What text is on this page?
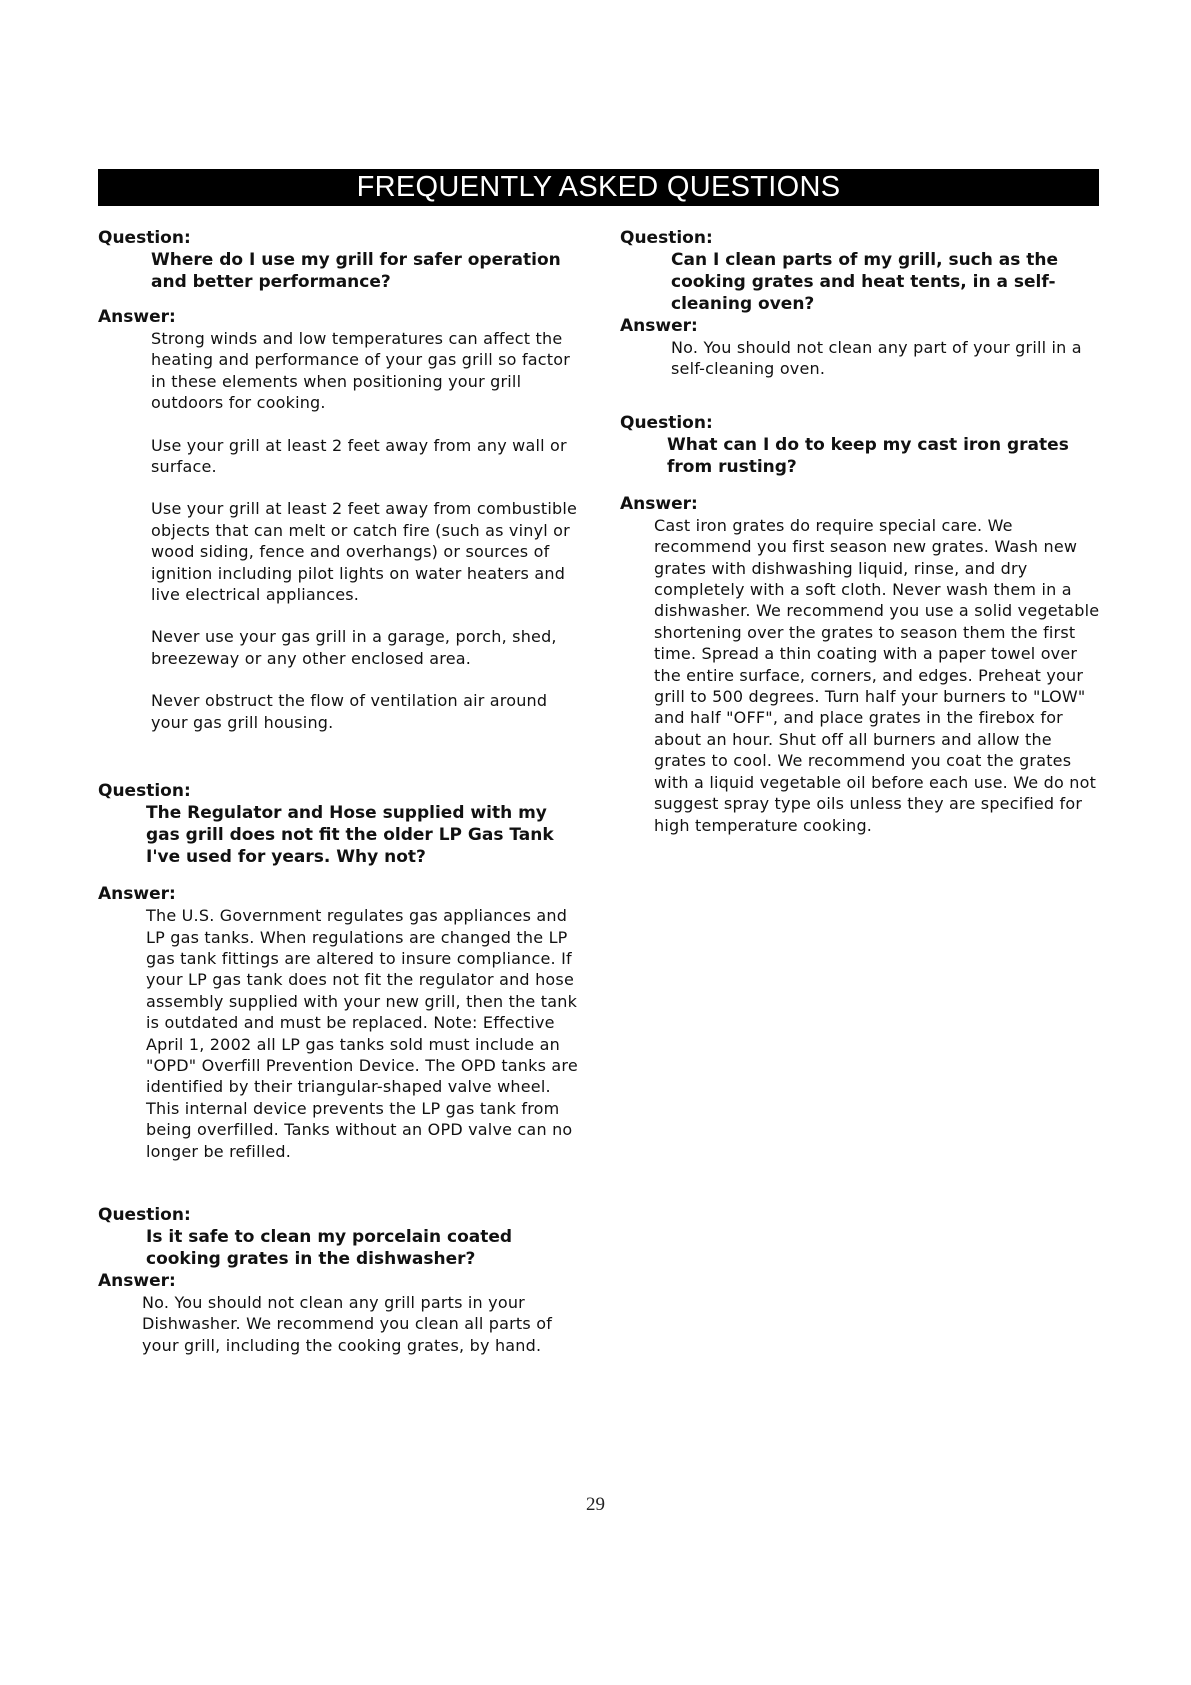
FREQUENTLY ASKED QUESTIONS
Question:
Where do I use my grill for safer operation and better performance?
Answer:

Strong winds and low temperatures can affect the heating and performance of your gas grill so factor in these elements when positioning your grill outdoors for cooking.

Use your grill at least 2 feet away from any wall or surface.

Use your grill at least 2 feet away from combustible objects that can melt or catch fire (such as vinyl or wood siding, fence and overhangs) or sources of ignition including pilot lights on water heaters and live electrical appliances.

Never use your gas grill in a garage, porch, shed, breezeway or any other enclosed area.

Never obstruct the flow of ventilation air around your gas grill housing.

Question:
The Regulator and Hose supplied with my gas grill does not fit the older LP Gas Tank I've used for years. Why not?
Answer:

The U.S. Government regulates gas appliances and LP gas tanks. When regulations are changed the LP gas tank fittings are altered to insure compliance. If your LP gas tank does not fit the regulator and hose assembly supplied with your new grill, then the tank is outdated and must be replaced. Note: Effective April 1, 2002 all LP gas tanks sold must include an "OPD" Overfill Prevention Device. The OPD tanks are identified by their triangular-shaped valve wheel. This internal device prevents the LP gas tank from being overfilled. Tanks without an OPD valve can no longer be refilled.

Question:
Is it safe to clean my porcelain coated cooking grates in the dishwasher?
Answer:

No. You should not clean any grill parts in your Dishwasher. We recommend you clean all parts of your grill, including the cooking grates, by hand.

Question:
Can I clean parts of my grill, such as the cooking grates and heat tents, in a self-cleaning oven?
Answer:

No. You should not clean any part of your grill in a self-cleaning oven.

Question:
What can I do to keep my cast iron grates from rusting?
Answer:

Cast iron grates do require special care. We recommend you first season new grates. Wash new grates with dishwashing liquid, rinse, and dry completely with a soft cloth. Never wash them in a dishwasher. We recommend you use a solid vegetable shortening over the grates to season them the first time. Spread a thin coating with a paper towel over the entire surface, corners, and edges. Preheat your grill to 500 degrees. Turn half your burners to "LOW" and half "OFF", and place grates in the firebox for about an hour. Shut off all burners and allow the grates to cool. We recommend you coat the grates with a liquid vegetable oil before each use. We do not suggest spray type oils unless they are specified for high temperature cooking.

29
